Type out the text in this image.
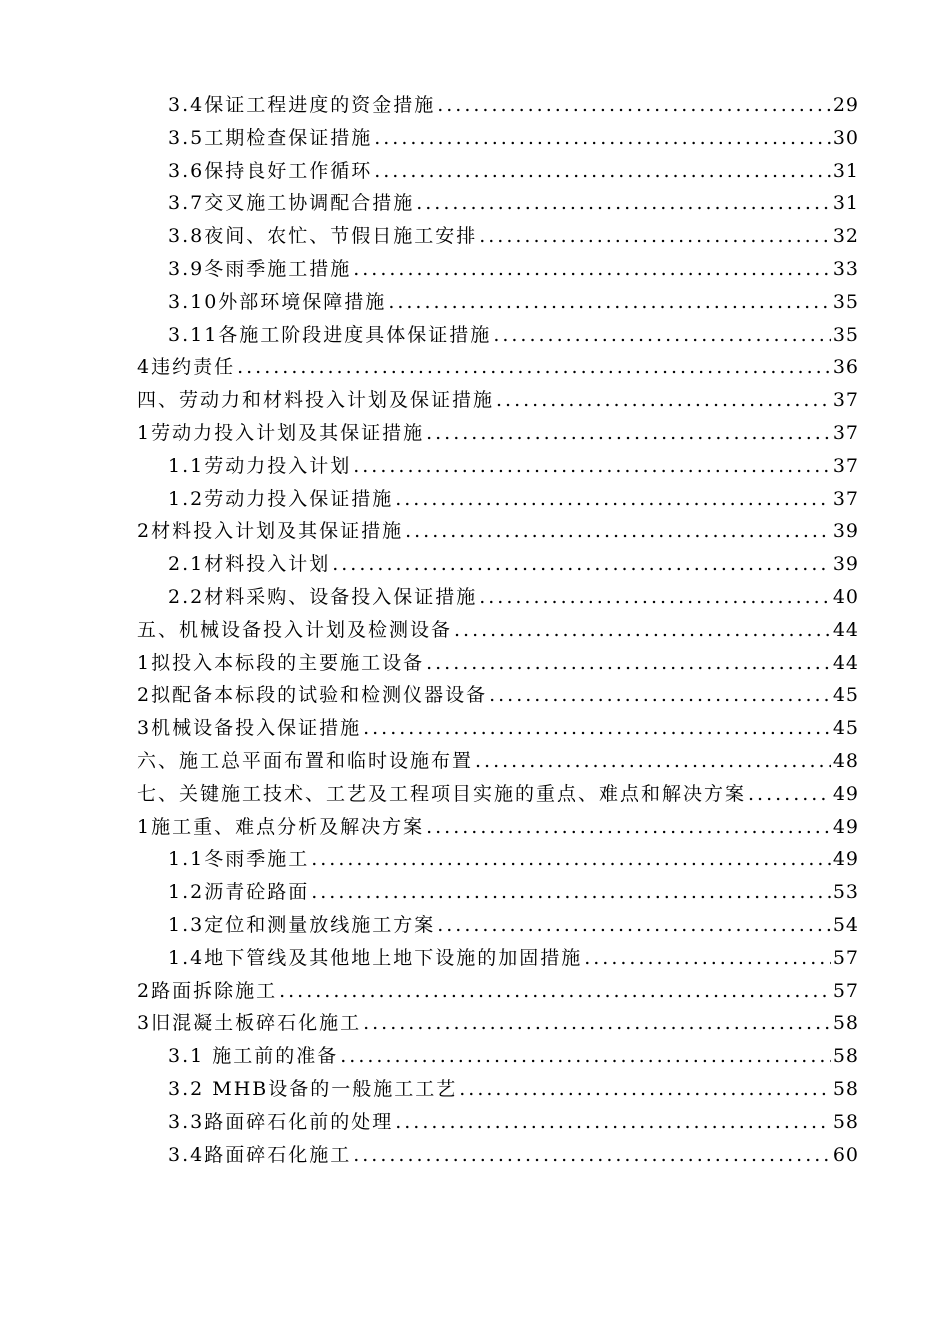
3.4保证工程进度的资金措施 .....	29
3.5工期检查保证措施 .....	30
3.6保持良好工作循环 .....	31
3.7交叉施工协调配合措施 .....	31
3.8夜间、农忙、节假日施工安排 .....	32
3.9冬雨季施工措施 .....	33
3.10外部环境保障措施 .....	35
3.11各施工阶段进度具体保证措施 .....	35
4违约责任 .....	36
四、劳动力和材料投入计划及保证措施 .....	37
1劳动力投入计划及其保证措施 .....	37
1.1劳动力投入计划 .....	37
1.2劳动力投入保证措施 .....	37
2材料投入计划及其保证措施 .....	39
2.1材料投入计划 .....	39
2.2材料采购、设备投入保证措施 .....	40
五、机械设备投入计划及检测设备 .....	44
1拟投入本标段的主要施工设备 .....	44
2拟配备本标段的试验和检测仪器设备 .....	45
3机械设备投入保证措施 .....	45
六、施工总平面布置和临时设施布置 .....	48
七、关键施工技术、工艺及工程项目实施的重点、难点和解决方案 .....	49
1施工重、难点分析及解决方案 .....	49
1.1冬雨季施工 .....	49
1.2沥青砼路面 .....	53
1.3定位和测量放线施工方案 .....	54
1.4地下管线及其他地上地下设施的加固措施 .....	57
2路面拆除施工 .....	57
3旧混凝土板碎石化施工 .....	58
3.1 施工前的准备 .....	58
3.2 MHB设备的一般施工工艺 .....	58
3.3路面碎石化前的处理 .....	58
3.4路面碎石化施工 .....	60
